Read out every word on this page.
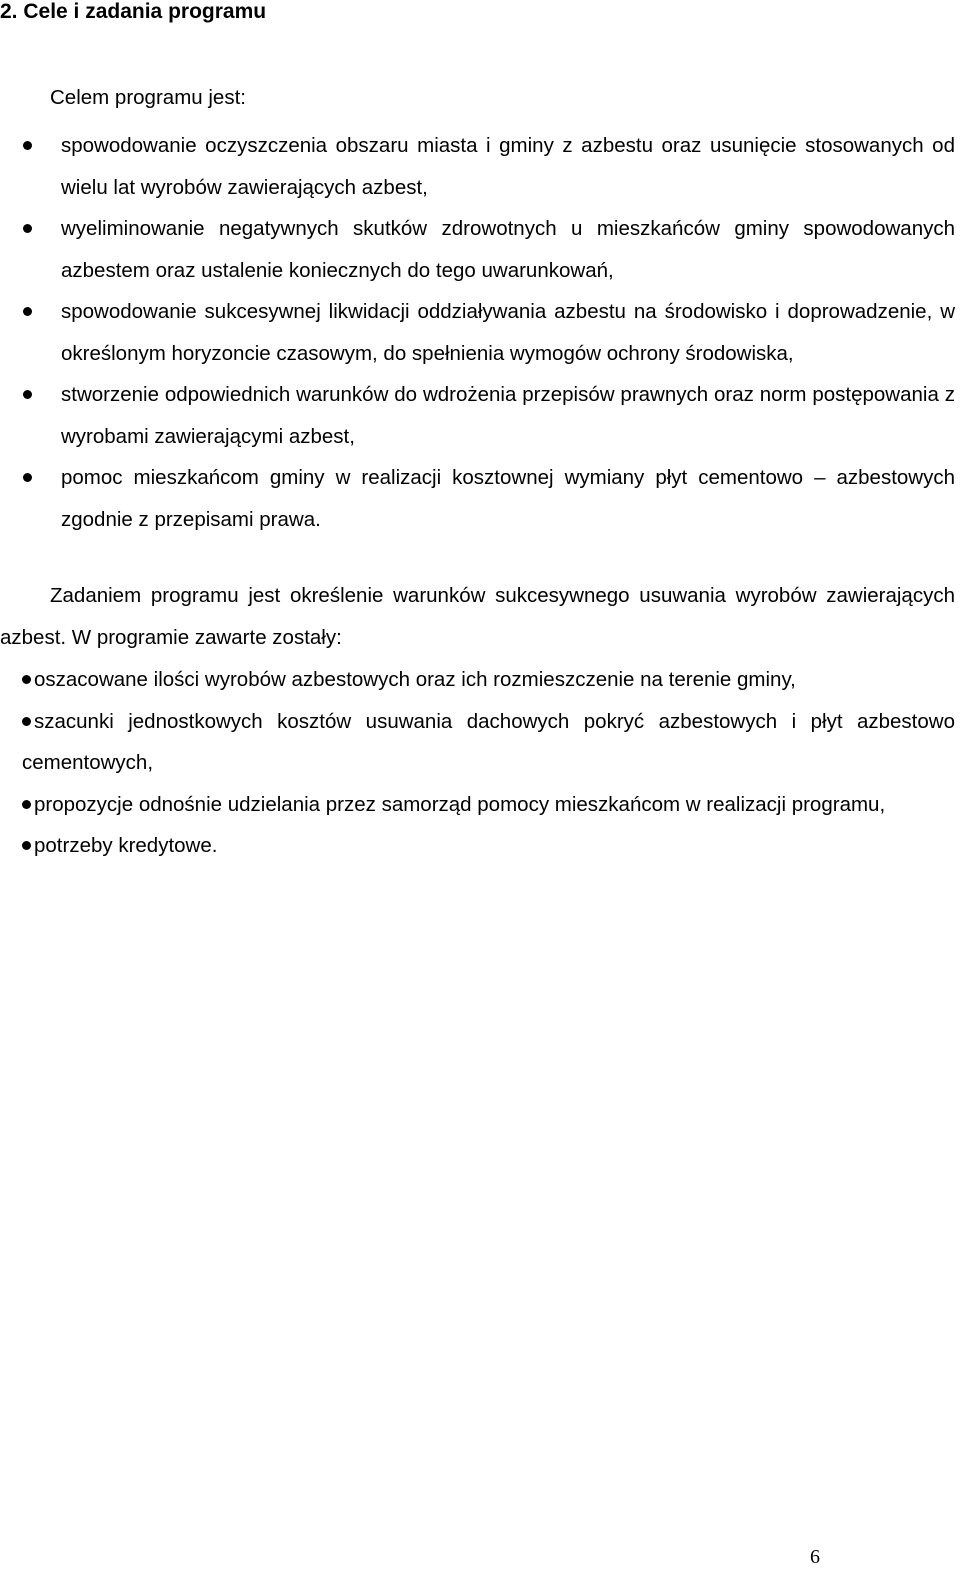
2. Cele i zadania programu

Celem programu jest:

spowodowanie oczyszczenia obszaru miasta i gminy z azbestu oraz usunięcie stosowanych od wielu lat wyrobów zawierających azbest,
wyeliminowanie negatywnych skutków zdrowotnych u mieszkańców gminy spowodowanych azbestem oraz ustalenie koniecznych do tego uwarunkowań,
spowodowanie sukcesywnej likwidacji oddziaływania azbestu na środowisko i doprowadzenie, w określonym horyzoncie czasowym, do spełnienia wymogów ochrony środowiska,
stworzenie odpowiednich warunków do wdrożenia przepisów prawnych oraz norm postępowania z wyrobami zawierającymi azbest,
pomoc mieszkańcom gminy w realizacji kosztownej wymiany płyt cementowo – azbestowych zgodnie z przepisami prawa.

Zadaniem programu jest określenie warunków sukcesywnego usuwania wyrobów zawierających azbest. W programie zawarte zostały:

oszacowane ilości wyrobów azbestowych oraz ich rozmieszczenie na terenie gminy,
szacunki jednostkowych kosztów usuwania dachowych pokryć azbestowych i płyt azbestowo cementowych,
propozycje odnośnie udzielania przez samorząd pomocy mieszkańcom w realizacji programu,
potrzeby kredytowe.
6
